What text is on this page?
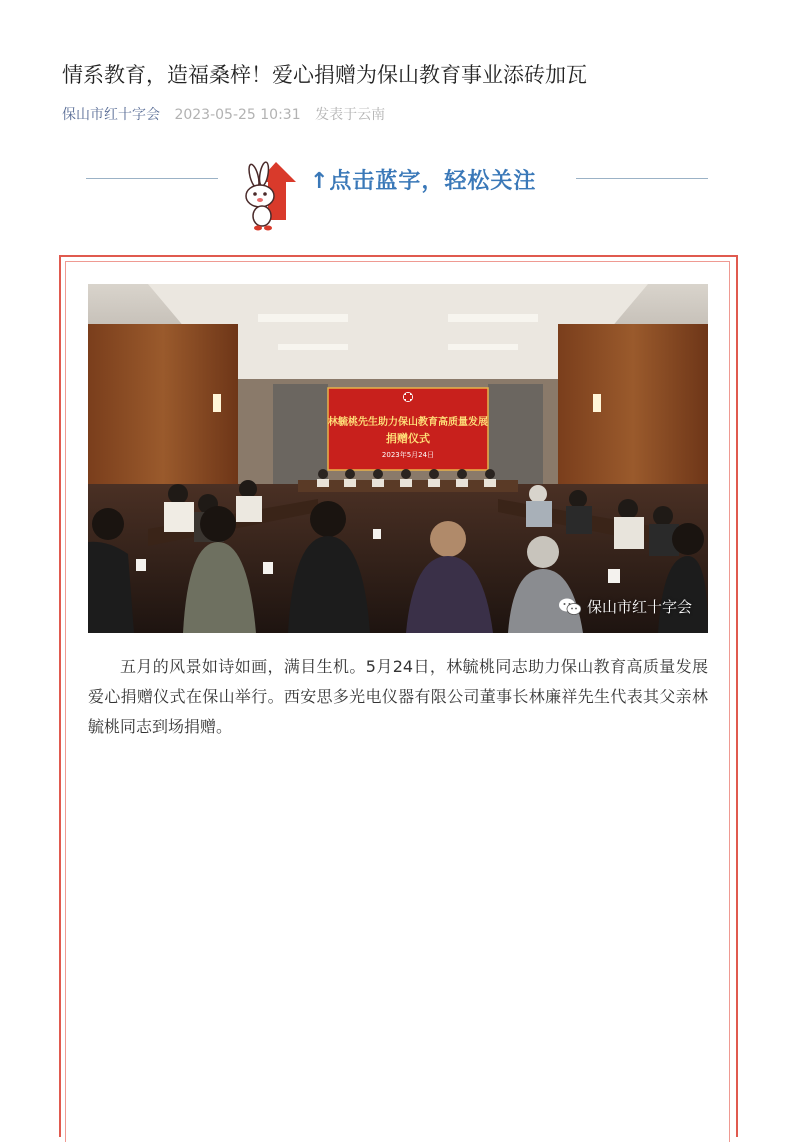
情系教育，造福桑梓！爱心捐赠为保山教育事业添砖加瓦
保山市红十字会 2023-05-25 10:31 发表于云南
↑点击蓝字，轻松关注
林毓桃先生助力保山教育高质量发展
捐赠仪式
2023年5月24日
保山市红十字会

五月的风景如诗如画，满目生机。5月24日，林毓桃同志助力保山教育高质量发展爱心捐赠仪式在保山举行。西安思多光电仪器有限公司董事长林廉祥先生代表其父亲林毓桃同志到场捐赠。
